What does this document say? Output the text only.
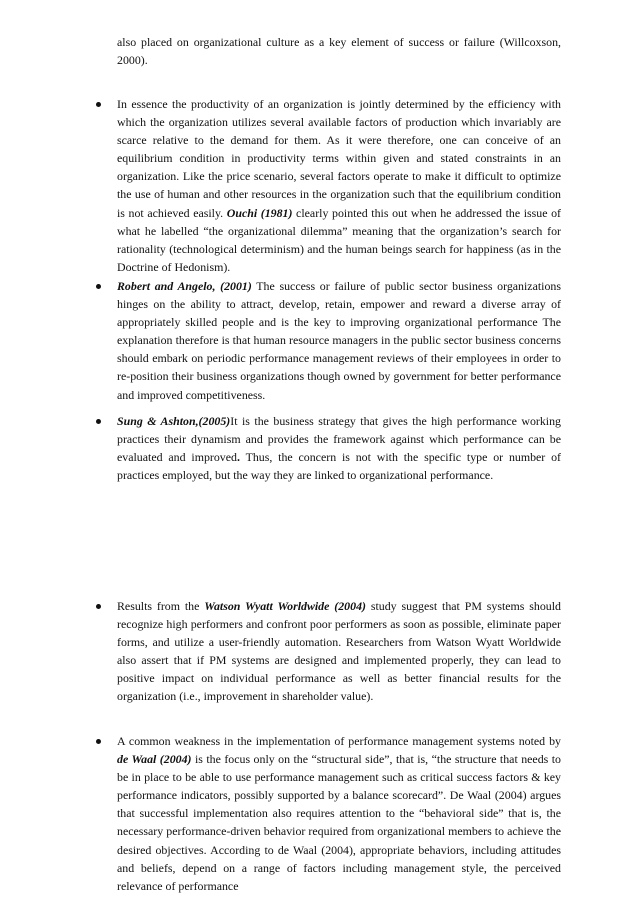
also placed on organizational culture as a key element of success or failure (Willcoxson, 2000).

In essence the productivity of an organization is jointly determined by the efficiency with which the organization utilizes several available factors of production which invariably are scarce relative to the demand for them. As it were therefore, one can conceive of an equilibrium condition in productivity terms within given and stated constraints in an organization. Like the price scenario, several factors operate to make it difficult to optimize the use of human and other resources in the organization such that the equilibrium condition is not achieved easily. Ouchi (1981) clearly pointed this out when he addressed the issue of what he labelled “the organizational dilemma” meaning that the organization’s search for rationality (technological determinism) and the human beings search for happiness (as in the Doctrine of Hedonism).

Robert and Angelo, (2001) The success or failure of public sector business organizations hinges on the ability to attract, develop, retain, empower and reward a diverse array of appropriately skilled people and is the key to improving organizational performance The explanation therefore is that human resource managers in the public sector business concerns should embark on periodic performance management reviews of their employees in order to re-position their business organizations though owned by government for better performance and improved competitiveness.

Sung & Ashton,(2005)It is the business strategy that gives the high performance working practices their dynamism and provides the framework against which performance can be evaluated and improved. Thus, the concern is not with the specific type or number of practices employed, but the way they are linked to organizational performance.

Results from the Watson Wyatt Worldwide (2004) study suggest that PM systems should recognize high performers and confront poor performers as soon as possible, eliminate paper forms, and utilize a user-friendly automation. Researchers from Watson Wyatt Worldwide also assert that if PM systems are designed and implemented properly, they can lead to positive impact on individual performance as well as better financial results for the organization (i.e., improvement in shareholder value).

A common weakness in the implementation of performance management systems noted by de Waal (2004) is the focus only on the “structural side”, that is, “the structure that needs to be in place to be able to use performance management such as critical success factors & key performance indicators, possibly supported by a balance scorecard”. De Waal (2004) argues that successful implementation also requires attention to the “behavioral side” that is, the necessary performance-driven behavior required from organizational members to achieve the desired objectives. According to de Waal (2004), appropriate behaviors, including attitudes and beliefs, depend on a range of factors including management style, the perceived relevance of performance
